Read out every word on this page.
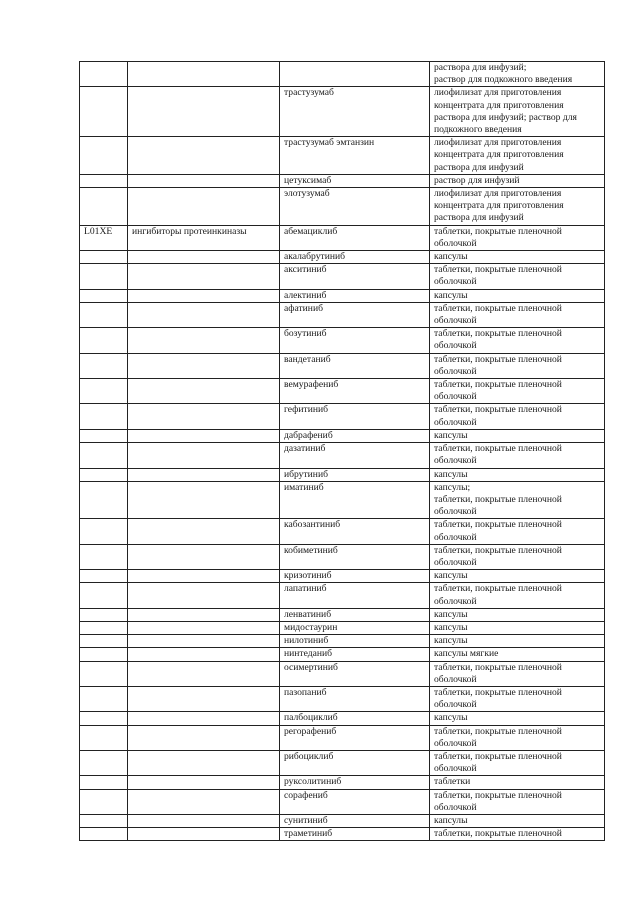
			раствора для инфузий;
раствор для подкожного введения
		трастузумаб	лиофилизат для приготовления концентрата для приготовления раствора для инфузий; раствор для подкожного введения
		трастузумаб эмтанзин	лиофилизат для приготовления концентрата для приготовления раствора для инфузий
		цетуксимаб	раствор для инфузий
		элотузумаб	лиофилизат для приготовления концентрата для приготовления раствора для инфузий
L01XE	ингибиторы протеинкиназы	абемациклиб	таблетки, покрытые пленочной оболочкой
		акалабрутиниб	капсулы
		акситиниб	таблетки, покрытые пленочной оболочкой
		алектиниб	капсулы
		афатиниб	таблетки, покрытые пленочной оболочкой
		бозутиниб	таблетки, покрытые пленочной оболочкой
		вандетаниб	таблетки, покрытые пленочной оболочкой
		вемурафениб	таблетки, покрытые пленочной оболочкой
		гефитиниб	таблетки, покрытые пленочной оболочкой
		дабрафениб	капсулы
		дазатиниб	таблетки, покрытые пленочной оболочкой
		ибрутиниб	капсулы
		иматиниб	капсулы;
таблетки, покрытые пленочной оболочкой
		кабозантиниб	таблетки, покрытые пленочной оболочкой
		кобиметиниб	таблетки, покрытые пленочной оболочкой
		кризотиниб	капсулы
		лапатиниб	таблетки, покрытые пленочной оболочкой
		ленватиниб	капсулы
		мидостаурин	капсулы
		нилотиниб	капсулы
		нинтеданиб	капсулы мягкие
		осимертиниб	таблетки, покрытые пленочной оболочкой
		пазопаниб	таблетки, покрытые пленочной оболочкой
		палбоциклиб	капсулы
		регорафениб	таблетки, покрытые пленочной оболочкой
		рибоциклиб	таблетки, покрытые пленочной оболочкой
		руксолитиниб	таблетки
		сорафениб	таблетки, покрытые пленочной оболочкой
		сунитиниб	капсулы
		траметиниб	таблетки, покрытые пленочной
